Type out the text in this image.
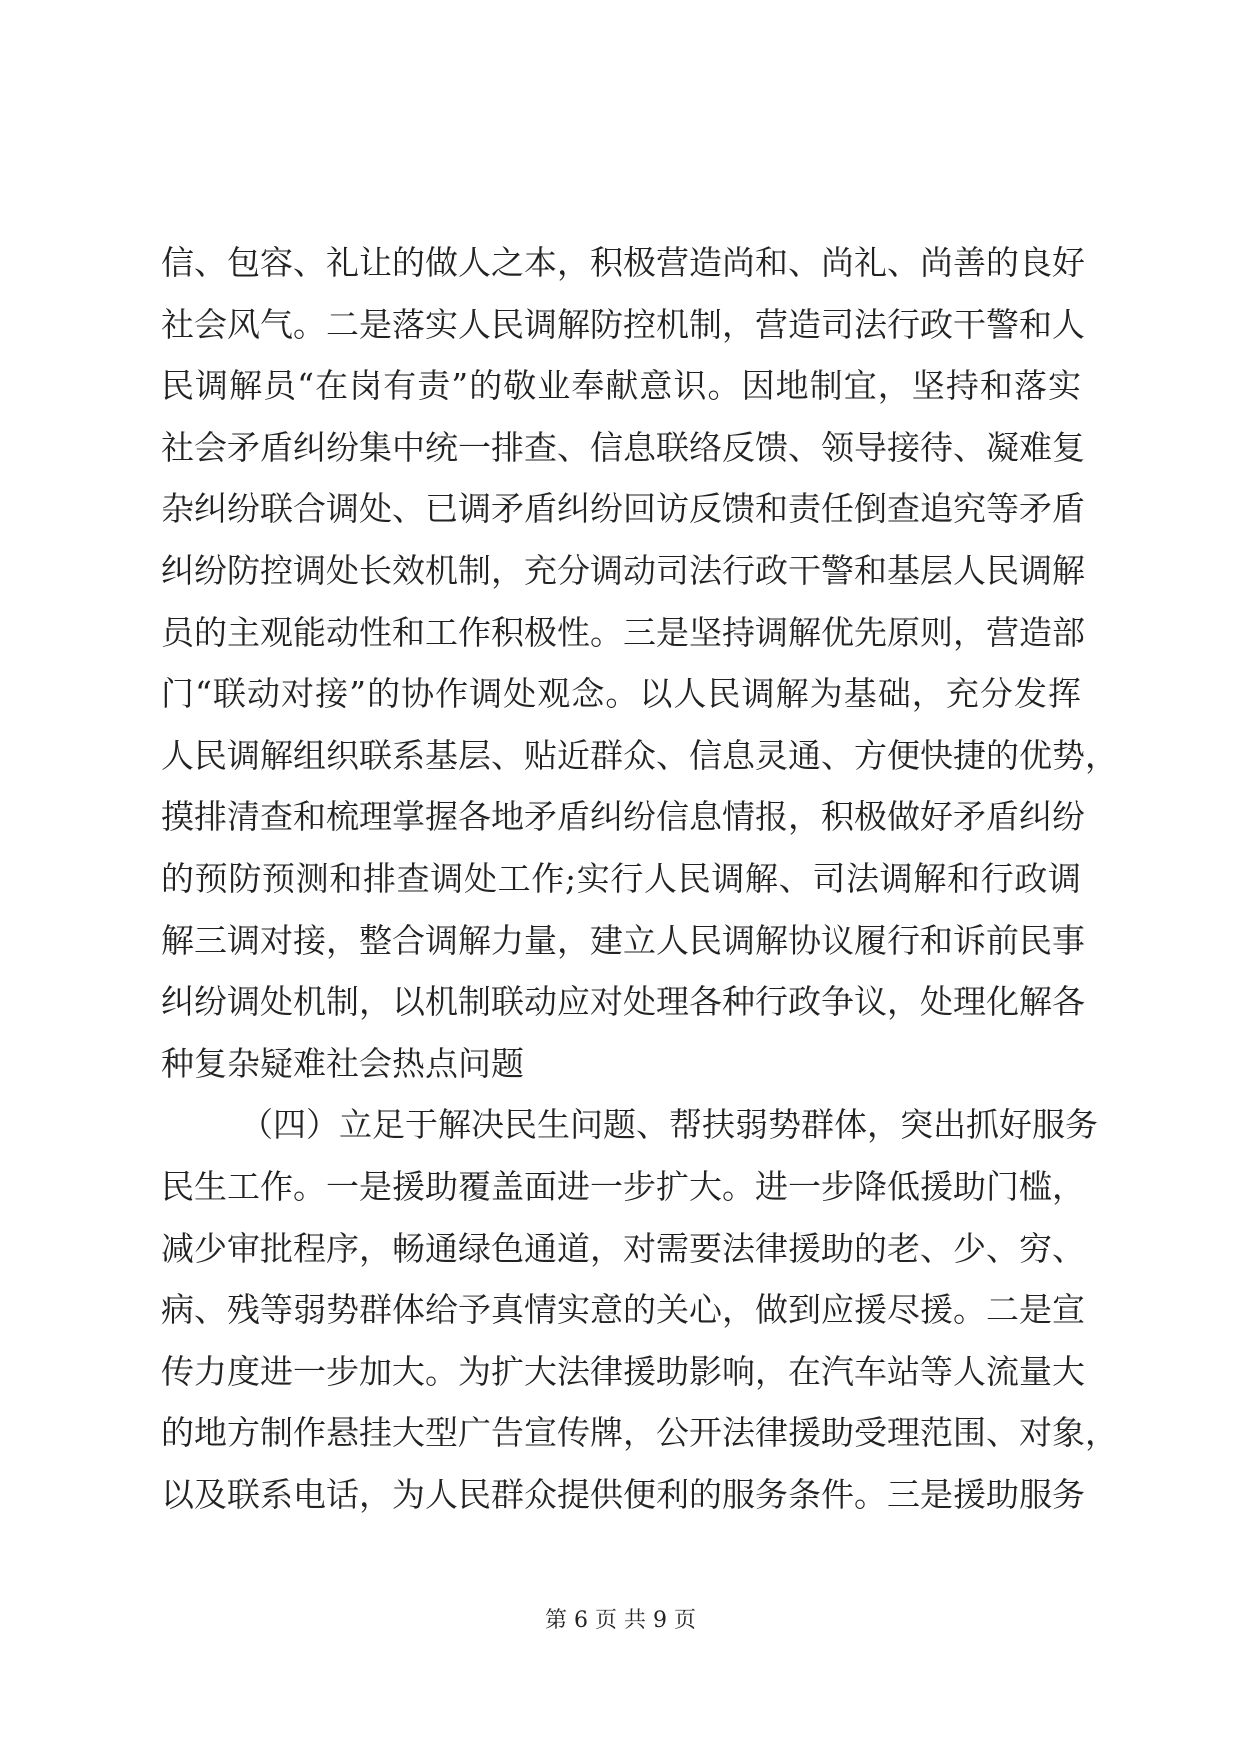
信、包容、礼让的做人之本，积极营造尚和、尚礼、尚善的良好
社会风气。二是落实人民调解防控机制，营造司法行政干警和人
民调解员“在岗有责”的敬业奉献意识。因地制宜，坚持和落实
社会矛盾纠纷集中统一排查、信息联络反馈、领导接待、凝难复
杂纠纷联合调处、已调矛盾纠纷回访反馈和责任倒查追究等矛盾
纠纷防控调处长效机制，充分调动司法行政干警和基层人民调解
员的主观能动性和工作积极性。三是坚持调解优先原则，营造部
门“联动对接”的协作调处观念。以人民调解为基础，充分发挥
人民调解组织联系基层、贴近群众、信息灵通、方便快捷的优势，
摸排清查和梳理掌握各地矛盾纠纷信息情报，积极做好矛盾纠纷
的预防预测和排查调处工作;实行人民调解、司法调解和行政调
解三调对接，整合调解力量，建立人民调解协议履行和诉前民事
纠纷调处机制，以机制联动应对处理各种行政争议，处理化解各
种复杂疑难社会热点问题
（四）立足于解决民生问题、帮扶弱势群体，突出抓好服务
民生工作。一是援助覆盖面进一步扩大。进一步降低援助门槛，
减少审批程序，畅通绿色通道，对需要法律援助的老、少、穷、
病、残等弱势群体给予真情实意的关心，做到应援尽援。二是宣
传力度进一步加大。为扩大法律援助影响，在汽车站等人流量大
的地方制作悬挂大型广告宣传牌，公开法律援助受理范围、对象，
以及联系电话，为人民群众提供便利的服务条件。三是援助服务
第 6 页 共 9 页
